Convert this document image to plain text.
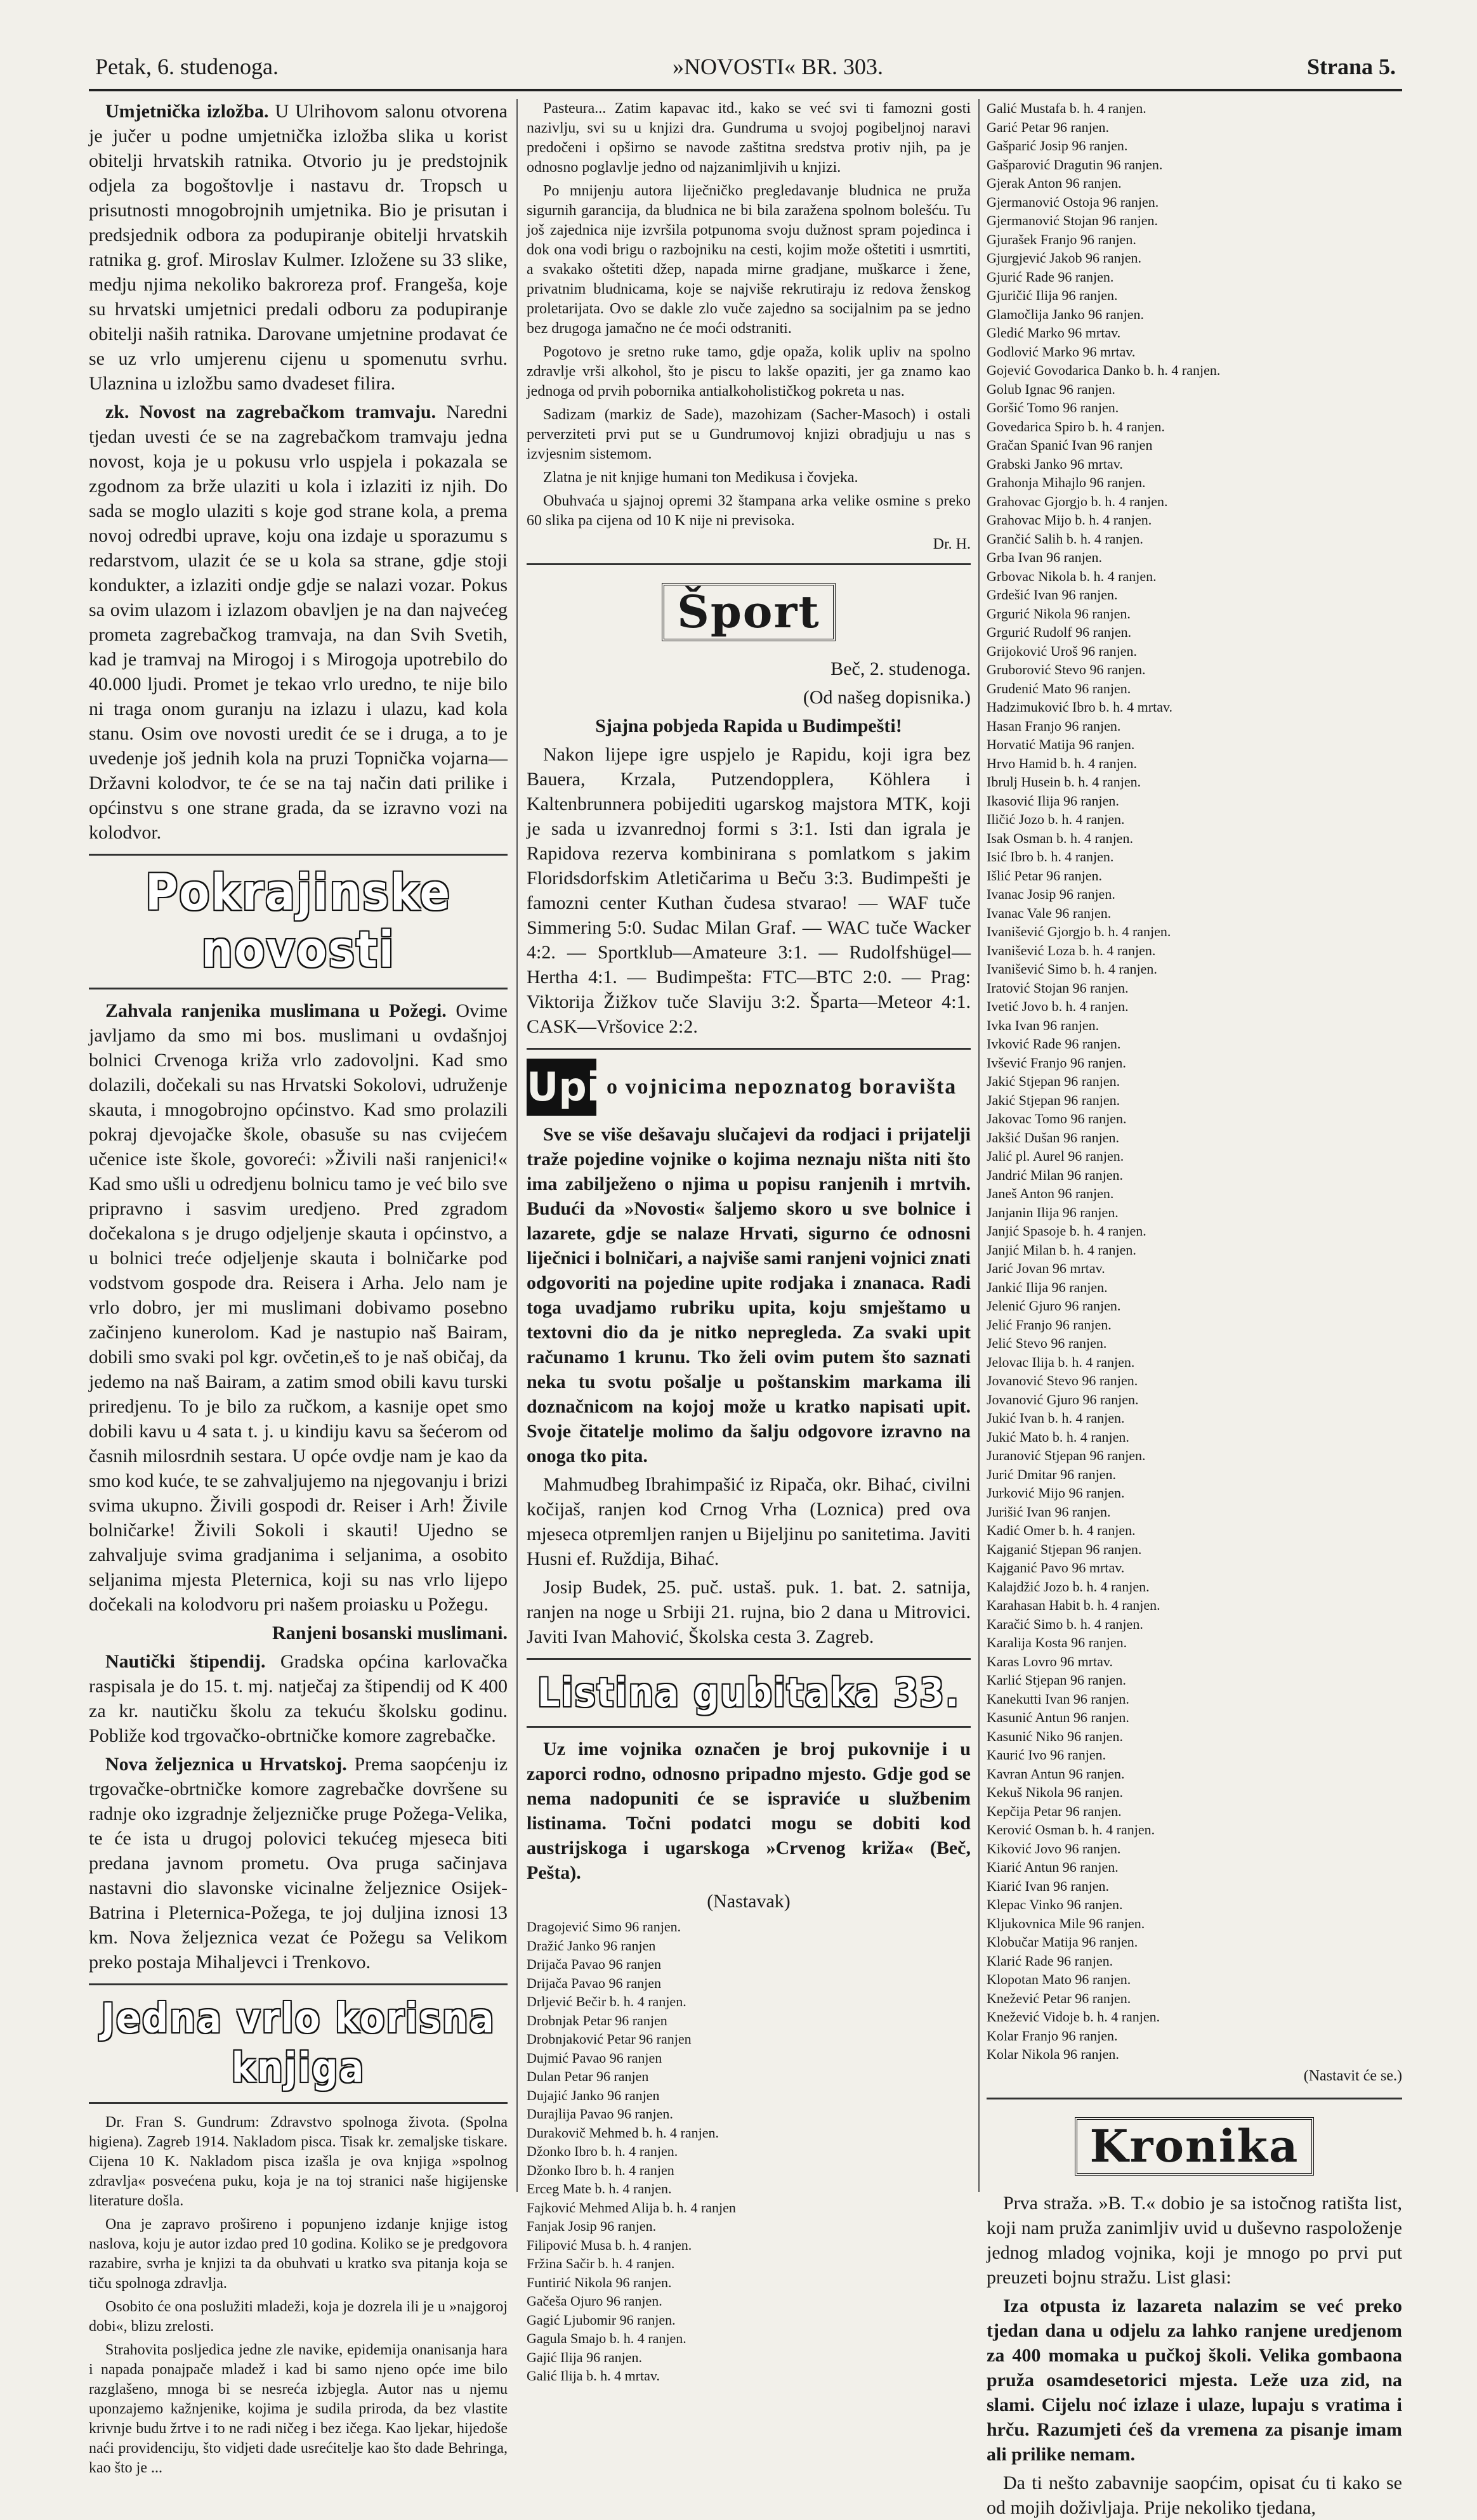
Petak, 6. studenoga.	»NOVOSTI« BR. 303.	Strana 5.

Umjetnička izložba. U Ulrihovom salonu otvorena je jučer u podne umjetnička izložba slika u korist obitelji hrvatskih ratnika. Otvorio ju je predstojnik odjela za bogoštovlje i nastavu dr. Tropsch u prisutnosti mnogobrojnih umjetnika. Bio je prisutan i predsjednik odbora za podupiranje obitelji hrvatskih ratnika g. grof. Miroslav Kulmer. Izložene su 33 slike, medju njima nekoliko bakroreza prof. Frangeša, koje su hrvatski umjetnici predali odboru za podupiranje obitelji naših ratnika. Darovane umjetnine prodavat će se uz vrlo umjerenu cijenu u spomenutu svrhu. Ulaznina u izložbu samo dvadeset filira.

zk. Novost na zagrebačkom tramvaju. Naredni tjedan uvesti će se na zagrebačkom tramvaju jedna novost, koja je u pokusu vrlo uspjela i pokazala se zgodnom za brže ulaziti u kola i izlaziti iz njih. Do sada se moglo ulaziti s koje god strane kola, a prema novoj odredbi uprave, koju ona izdaje u sporazumu s redarstvom, ulazit će se u kola sa strane, gdje stoji kondukter, a izlaziti ondje gdje se nalazi vozar. Pokus sa ovim ulazom i izlazom obavljen je na dan najvećeg prometa zagrebačkog tramvaja, na dan Svih Svetih, kad je tramvaj na Mirogoj i s Mirogoja upotrebilo do 40.000 ljudi. Promet je tekao vrlo uredno, te nije bilo ni traga onom guranju na izlazu i ulazu, kad kola stanu. Osim ove novosti uredit će se i druga, a to je uvedenje još jednih kola na pruzi Topnička vojarna—Državni kolodvor, te će se na taj način dati prilike i općinstvu s one strane grada, da se izravno vozi na kolodvor.

Pokrajinske novosti

Zahvala ranjenika muslimana u Požegi. Ovime javljamo da smo mi bos. muslimani u ovdašnjoj bolnici Crvenoga križa vrlo zadovoljni. Kad smo dolazili, dočekali su nas Hrvatski Sokolovi, udruženje skauta, i mnogobrojno općinstvo. Kad smo prolazili pokraj djevojačke škole, obasuše su nas cvijećem učenice iste škole, govoreći: »Živili naši ranjenici!« Kad smo ušli u odredjenu bolnicu tamo je već bilo sve pripravno i sasvim uredjeno. Pred zgradom dočekalona s je drugo odjeljenje skauta i općinstvo, a u bolnici treće odjeljenje skauta i bolničarke pod vodstvom gospode dra. Reisera i Arha. Jelo nam je vrlo dobro, jer mi muslimani dobivamo posebno začinjeno kunerolom. Kad je nastupio naš Bairam, dobili smo svaki pol kgr. ovčetin,eš to je naš običaj, da jedemo na naš Bairam, a zatim smod obili kavu turski priredjenu. To je bilo za ručkom, a kasnije opet smo dobili kavu u 4 sata t. j. u kindiju kavu sa šećerom od časnih milosrdnih sestara. U opće ovdje nam je kao da smo kod kuće, te se zahvaljujemo na njegovanju i brizi svima ukupno. Živili gospodi dr. Reiser i Arh! Živile bolničarke! Živili Sokoli i skauti! Ujedno se zahvaljuje svima gradjanima i seljanima, a osobito seljanima mjesta Pleternica, koji su nas vrlo lijepo dočekali na kolodvoru pri našem proiasku u Požegu.

Ranjeni bosanski muslimani.

Nautički štipendij. Gradska općina karlovačka raspisala je do 15. t. mj. natječaj za štipendij od K 400 za kr. nautičku školu za tekuću školsku godinu. Pobliže kod trgovačko-obrtničke komore zagrebačke.

Nova željeznica u Hrvatskoj. Prema saopćenju iz trgovačke-obrtničke komore zagrebačke dovršene su radnje oko izgradnje željezničke pruge Požega-Velika, te će ista u drugoj polovici tekućeg mjeseca biti predana javnom prometu. Ova pruga sačinjava nastavni dio slavonske vicinalne željeznice Osijek-Batrina i Pleternica-Požega, te joj duljina iznosi 13 km. Nova željeznica vezat će Požegu sa Velikom preko postaja Mihaljevci i Trenkovo.

Jedna vrlo korisna knjiga

Dr. Fran S. Gundrum: Zdravstvo spolnoga života. (Spolna higiena). Zagreb 1914. Nakladom pisca. Tisak kr. zemaljske tiskare. Cijena 10 K. Nakladom pisca izašla je ova knjiga »spolnog zdravlja« posvećena puku, koja je na toj stranici naše higijenske literature došla.

Ona je zapravo prošireno i popunjeno izdanje knjige istog naslova, koju je autor izdao pred 10 godina. Koliko se je predgovora razabire, svrha je knjizi ta da obuhvati u kratko sva pitanja koja se tiču spolnoga zdravlja.

Osobito će ona poslužiti mladeži, koja je dozrela ili je u »najgoroj dobi«, blizu zrelosti.

Strahovita posljedica jedne zle navike, epidemija onanisanja hara i napada ponajpače mladež i kad bi samo njeno opće ime bilo razglašeno, mnoga bi se nesreća izbjegla. Autor nas u njemu uponzajemo kažnjenike, kojima je sudila priroda, da bez vlastite krivnje budu žrtve i to ne radi ničeg i bez ičega. Kao ljekar, hijedoše naći providenciju, što vidjeti dade usrećitelje kao što dade Behringa, kao što je ...

Pasteura... Zatim kapavac itd., kako se već svi ti famozni gosti nazivlju, svi su u knjizi dra. Gundruma u svojoj pogibeljnoj naravi predočeni i opširno se navode zaštitna sredstva protiv njih, pa je odnosno poglavlje jedno od najzanimljivih u knjizi.

Po mnijenju autora liječničko pregledavanje bludnica ne pruža sigurnih garancija, da bludnica ne bi bila zaražena spolnom bolešću. Tu još zajednica nije izvršila potpunoma svoju dužnost spram pojedinca i dok ona vodi brigu o razbojniku na cesti, kojim može oštetiti i usmrtiti, a svakako oštetiti džep, napada mirne gradjane, muškarce i žene, privatnim bludnicama, koje se najviše rekrutiraju iz redova ženskog proletarijata. Ovo se dakle zlo vuče zajedno sa socijalnim pa se jedno bez drugoga jamačno ne će moći odstraniti.

Pogotovo je sretno ruke tamo, gdje opaža, kolik upliv na spolno zdravlje vrši alkohol, što je piscu to lakše opaziti, jer ga znamo kao jednoga od prvih pobornika antialkoholističkog pokreta u nas.

Sadizam (markiz de Sade), mazohizam (Sacher-Masoch) i ostali perverziteti prvi put se u Gundrumovoj knjizi obradjuju u nas s izvjesnim sistemom.

Zlatna je nit knjige humani ton Medikusa i čovjeka.

Obuhvaća u sjajnoj opremi 32 štampana arka velike osmine s preko 60 slika pa cijena od 10 K nije ni previsoka.

Dr. H.

Šport

Beč, 2. studenoga.

(Od našeg dopisnika.)

Sjajna pobjeda Rapida u Budimpešti!

Nakon lijepe igre uspjelo je Rapidu, koji igra bez Bauera, Krzala, Putzendopplera, Köhlera i Kaltenbrunnera pobijediti ugarskog majstora MTK, koji je sada u izvanrednoj formi s 3:1. Isti dan igrala je Rapidova rezerva kombinirana s pomlatkom s jakim Floridsdorfskim Atletičarima u Beču 3:3. Budimpešti je famozni center Kuthan čudesa stvarao! — WAF tuče Simmering 5:0. Sudac Milan Graf. — WAC tuče Wacker 4:2. — Sportklub—Amateure 3:1. — Rudolfshügel—Hertha 4:1. — Budimpešta: FTC—BTC 2:0. — Prag: Viktorija Žižkov tuče Slaviju 3:2. Šparta—Meteor 4:1. CASK—Vršovice 2:2.

Upiti
o vojnicima nepoznatog boravišta

Sve se više dešavaju slučajevi da rodjaci i prijatelji traže pojedine vojnike o kojima neznaju ništa niti što ima zabilježeno o njima u popisu ranjenih i mrtvih. Budući da »Novosti« šaljemo skoro u sve bolnice i lazarete, gdje se nalaze Hrvati, sigurno će odnosni liječnici i bolničari, a najviše sami ranjeni vojnici znati odgovoriti na pojedine upite rodjaka i znanaca. Radi toga uvadjamo rubriku upita, koju smještamo u textovni dio da je nitko nepregleda. Za svaki upit računamo 1 krunu. Tko želi ovim putem što saznati neka tu svotu pošalje u poštanskim markama ili doznačnicom na kojoj može u kratko napisati upit. Svoje čitatelje molimo da šalju odgovore izravno na onoga tko pita.

Mahmudbeg Ibrahimpašić iz Ripača, okr. Bihać, civilni kočijaš, ranjen kod Crnog Vrha (Loznica) pred ova mjeseca otpremljen ranjen u Bijeljinu po sanitetima. Javiti Husni ef. Ruždija, Bihać.

Josip Budek, 25. puč. ustaš. puk. 1. bat. 2. satnija, ranjen na noge u Srbiji 21. rujna, bio 2 dana u Mitrovici. Javiti Ivan Mahović, Školska cesta 3. Zagreb.

Listina gubitaka 33.

Uz ime vojnika označen je broj pukovnije i u zaporci rodno, odnosno pripadno mjesto. Gdje god se nema nadopuniti će se ispraviće u službenim listinama. Točni podatci mogu se dobiti kod austrijskoga i ugarskoga »Crvenog križa« (Beč, Pešta).

(Nastavak)

Dragojević Simo 96 ranjen.
Dražić Janko 96 ranjen
Drijača Pavao 96 ranjen
Drijača Pavao 96 ranjen
Drljević Bečir b. h. 4 ranjen.
Drobnjak Petar 96 ranjen
Drobnjaković Petar 96 ranjen
Dujmić Pavao 96 ranjen
Dulan Petar 96 ranjen
Dujajić Janko 96 ranjen
Durajlija Pavao 96 ranjen.
Durakovič Mehmed b. h. 4 ranjen.
Džonko Ibro b. h. 4 ranjen.
Džonko Ibro b. h. 4 ranjen
Erceg Mate b. h. 4 ranjen.
Fajković Mehmed Alija b. h. 4 ranjen
Fanjak Josip 96 ranjen.
Filipović Musa b. h. 4 ranjen.
Fržina Sačir b. h. 4 ranjen.
Funtirić Nikola 96 ranjen.
Gačeša Ojuro 96 ranjen.
Gagić Ljubomir 96 ranjen.
Gagula Smajo b. h. 4 ranjen.
Gajić Ilija 96 ranjen.
Galić Ilija b. h. 4 mrtav.
Galić Mustafa b. h. 4 ranjen.
Garić Petar 96 ranjen.
Gašparić Josip 96 ranjen.
Gašparović Dragutin 96 ranjen.
Gjerak Anton 96 ranjen.
Gjermanović Ostoja 96 ranjen.
Gjermanović Stojan 96 ranjen.
Gjurašek Franjo 96 ranjen.
Gjurgjević Jakob 96 ranjen.
Gjurić Rade 96 ranjen.
Gjuričić Ilija 96 ranjen.
Glamočlija Janko 96 ranjen.
Gledić Marko 96 mrtav.
Godlović Marko 96 mrtav.
Gojević Govodarica Danko b. h. 4 ranjen.
Golub Ignac 96 ranjen.
Goršić Tomo 96 ranjen.
Govedarica Spiro b. h. 4 ranjen.
Gračan Spanić Ivan 96 ranjen
Grabski Janko 96 mrtav.
Grahonja Mihajlo 96 ranjen.
Grahovac Gjorgjo b. h. 4 ranjen.
Grahovac Mijo b. h. 4 ranjen.
Grančić Salih b. h. 4 ranjen.
Grba Ivan 96 ranjen.
Grbovac Nikola b. h. 4 ranjen.
Grdešić Ivan 96 ranjen.
Grgurić Nikola 96 ranjen.
Grgurić Rudolf 96 ranjen.
Grijoković Uroš 96 ranjen.
Gruborović Stevo 96 ranjen.
Grudenić Mato 96 ranjen.
Hadzimuković Ibro b. h. 4 mrtav.
Hasan Franjo 96 ranjen.
Horvatić Matija 96 ranjen.
Hrvo Hamid b. h. 4 ranjen.
Ibrulj Husein b. h. 4 ranjen.
Ikasović Ilija 96 ranjen.
Iličić Jozo b. h. 4 ranjen.
Isak Osman b. h. 4 ranjen.
Isić Ibro b. h. 4 ranjen.
Išlić Petar 96 ranjen.
Ivanac Josip 96 ranjen.
Ivanac Vale 96 ranjen.
Ivanišević Gjorgjo b. h. 4 ranjen.
Ivanišević Loza b. h. 4 ranjen.
Ivanišević Simo b. h. 4 ranjen.
Iratović Stojan 96 ranjen.
Ivetić Jovo b. h. 4 ranjen.
Ivka Ivan 96 ranjen.
Ivković Rade 96 ranjen.
Ivšević Franjo 96 ranjen.
Jakić Stjepan 96 ranjen.
Jakić Stjepan 96 ranjen.
Jakovac Tomo 96 ranjen.
Jakšić Dušan 96 ranjen.
Jalić pl. Aurel 96 ranjen.
Jandrić Milan 96 ranjen.
Janeš Anton 96 ranjen.
Janjanin Ilija 96 ranjen.
Janjić Spasoje b. h. 4 ranjen.
Janjić Milan b. h. 4 ranjen.
Jarić Jovan 96 mrtav.
Jankić Ilija 96 ranjen.
Jelenić Gjuro 96 ranjen.
Jelić Franjo 96 ranjen.
Jelić Stevo 96 ranjen.
Jelovac Ilija b. h. 4 ranjen.
Jovanović Stevo 96 ranjen.
Jovanović Gjuro 96 ranjen.
Jukić Ivan b. h. 4 ranjen.
Jukić Mato b. h. 4 ranjen.
Juranović Stjepan 96 ranjen.
Jurić Dmitar 96 ranjen.
Jurković Mijo 96 ranjen.
Jurišić Ivan 96 ranjen.
Kadić Omer b. h. 4 ranjen.
Kajganić Stjepan 96 ranjen.
Kajganić Pavo 96 mrtav.
Kalajdžić Jozo b. h. 4 ranjen.
Karahasan Habit b. h. 4 ranjen.
Karačić Simo b. h. 4 ranjen.
Karalija Kosta 96 ranjen.
Karas Lovro 96 mrtav.
Karlić Stjepan 96 ranjen.
Kanekutti Ivan 96 ranjen.
Kasunić Antun 96 ranjen.
Kasunić Niko 96 ranjen.
Kaurić Ivo 96 ranjen.
Kavran Antun 96 ranjen.
Kekuš Nikola 96 ranjen.
Kepčija Petar 96 ranjen.
Kerović Osman b. h. 4 ranjen.
Kiković Jovo 96 ranjen.
Kiarić Antun 96 ranjen.
Kiarić Ivan 96 ranjen.
Klepac Vinko 96 ranjen.
Kljukovnica Mile 96 ranjen.
Klobučar Matija 96 ranjen.
Klarić Rade 96 ranjen.
Klopotan Mato 96 ranjen.
Knežević Petar 96 ranjen.
Knežević Vidoje b. h. 4 ranjen.
Kolar Franjo 96 ranjen.
Kolar Nikola 96 ranjen.

(Nastavit će se.)

Kronika

Prva straža. »B. T.« dobio je sa istočnog ratišta list, koji nam pruža zanimljiv uvid u duševno raspoloženje jednog mladog vojnika, koji je mnogo po prvi put preuzeti bojnu stražu. List glasi:

Iza otpusta iz lazareta nalazim se već preko tjedan dana u odjelu za lahko ranjene uredjenom za 400 momaka u pučkoj školi. Velika gombaona pruža osamdesetorici mjesta. Leže uza zid, na slami. Cijelu noć izlaze i ulaze, lupaju s vratima i hrču. Razumjeti ćeš da vremena za pisanje imam ali prilike nemam.

Da ti nešto zabavnije saopćim, opisat ću ti kako se od mojih doživljaja. Prije nekoliko tjedana,
